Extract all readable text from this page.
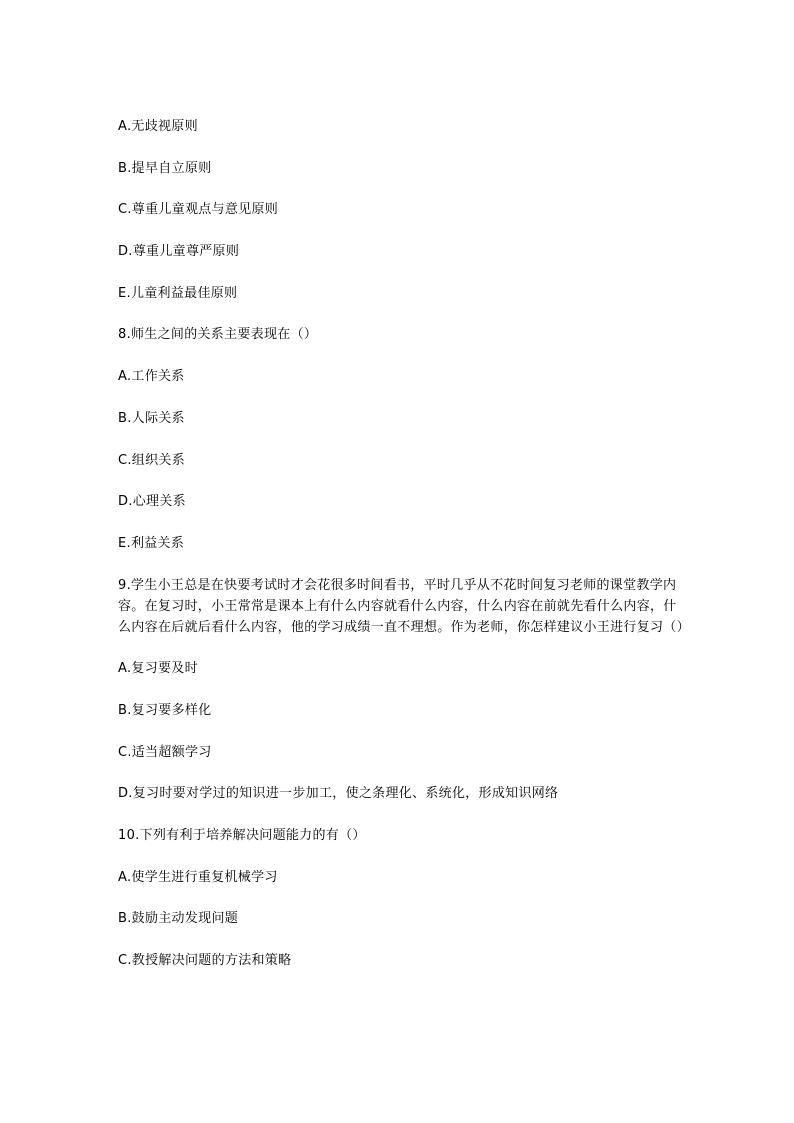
A.无歧视原则

B.提早自立原则

C.尊重儿童观点与意见原则

D.尊重儿童尊严原则

E.儿童利益最佳原则

8.师生之间的关系主要表现在（）

A.工作关系

B.人际关系

C.组织关系

D.心理关系

E.利益关系

9.学生小王总是在快要考试时才会花很多时间看书，平时几乎从不花时间复习老师的课堂教学内容。在复习时，小王常常是课本上有什么内容就看什么内容，什么内容在前就先看什么内容，什么内容在后就后看什么内容，他的学习成绩一直不理想。作为老师，你怎样建议小王进行复习（）

A.复习要及时

B.复习要多样化

C.适当超额学习

D.复习时要对学过的知识进一步加工，使之条理化、系统化，形成知识网络

10.下列有利于培养解决问题能力的有（）

A.使学生进行重复机械学习

B.鼓励主动发现问题

C.教授解决问题的方法和策略
